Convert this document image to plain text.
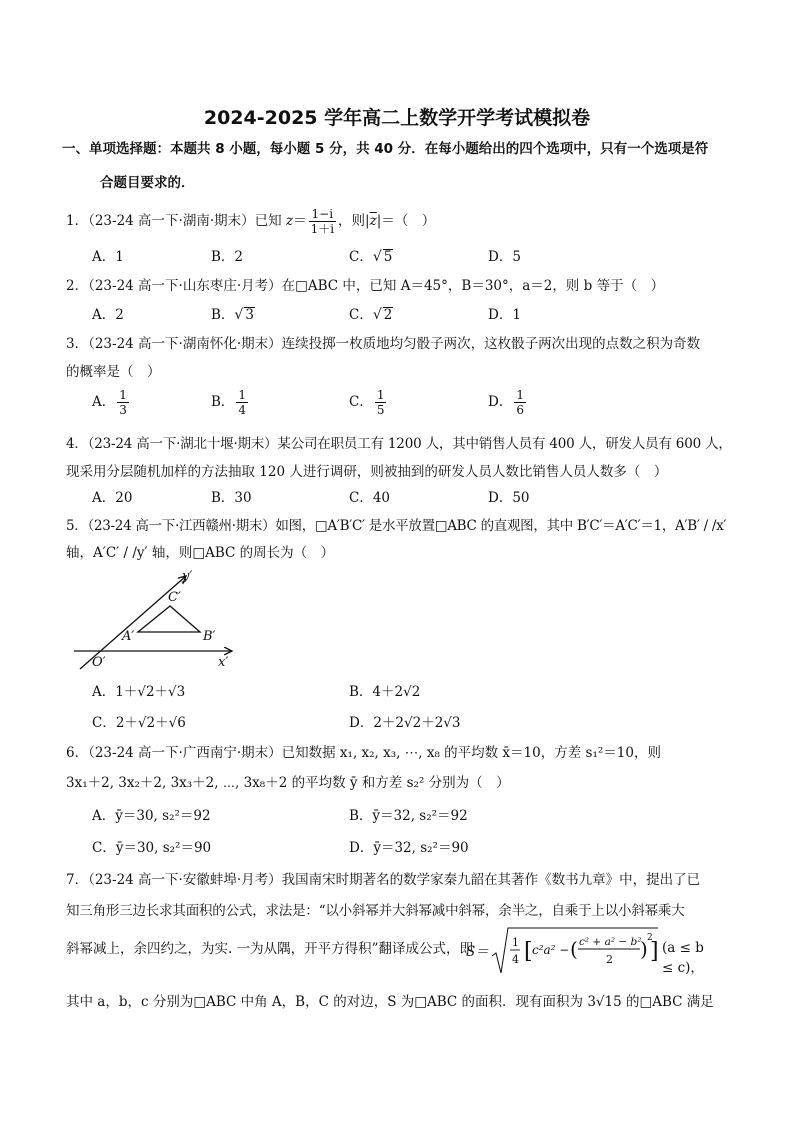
2024-2025 学年高二上数学开学考试模拟卷
一、单项选择题：本题共 8 小题，每小题 5 分，共 40 分．在每小题给出的四个选项中，只有一个选项是符
合题目要求的．
1．（23-24 高一下·湖南·期末）已知 $z= \frac{1-i}{1+i}$ ，则$|\overline{z}|=$（　）
A．1	B．2	C．√ 5	D．5
2．（23-24 高一下·山东枣庄·月考）在□ABC 中，已知 A＝45°，B＝30°，a＝2，则 b 等于（　）
A．2	B．√ 3	C．√ 2	D．1
3．（23-24 高一下·湖南怀化·期末）连续投掷一枚质地均匀骰子两次，这枚骰子两次出现的点数之积为奇数
的概率是（　）
A． $\frac{1}{3}$	B． $\frac{1}{4}$	C． $\frac{1}{5}$	D． $\frac{1}{6}$
4．（23-24 高一下·湖北十堰·期末）某公司在职员工有 1200 人，其中销售人员有 400 人，研发人员有 600 人，
现采用分层随机加样的方法抽取 120 人进行调研，则被抽到的研发人员人数比销售人员人数多（　）
A．20	B．30	C．40	D．50
5．（23-24 高一下·江西赣州·期末）如图，□A′B′C′ 是水平放置□ABC 的直观图，其中 B′C′＝A′C′＝1，A′B′ / /x′
轴，A′C′ / /y′ 轴，则□ABC 的周长为（　）
y′
x′
O′
A′	B′
C′
A．1＋√2＋√3	B．4＋2√2
C．2＋√2＋√6	D．2＋2√2＋2√3
6．（23-24 高一下·广西南宁·期末）已知数据 x₁, x₂, x₃, ⋯, x₈ 的平均数 x̄＝10，方差 s₁²＝10，则
3x₁＋2, 3x₂＋2, 3x₃＋2, ⋯, 3x₈＋2 的平均数 ȳ 和方差 s₂² 分别为（　）
A．ȳ＝30, s₂²＝92	B．ȳ＝32, s₂²＝92
C．ȳ＝30, s₂²＝90	D．ȳ＝32, s₂²＝90
7．（23-24 高一下·安徽蚌埠·月考）我国南宋时期著名的数学家秦九韶在其著作《数书九章》中，提出了已
知三角形三边长求其面积的公式，求法是：“以小斜幂并大斜幂减中斜幂，余半之，自乘于上以小斜幂乘大
斜幂减上，余四约之，为实. 一为从隅，开平方得积”翻译成公式，即
S＝
1
4 [ c²a² − ( c² + a² − b²
2 ) 2
] (a ≤ b ≤ c)，
其中 a，b，c 分别为□ABC 中角 A，B，C 的对边，S 为□ABC 的面积．现有面积为 3√15 的□ABC 满足
